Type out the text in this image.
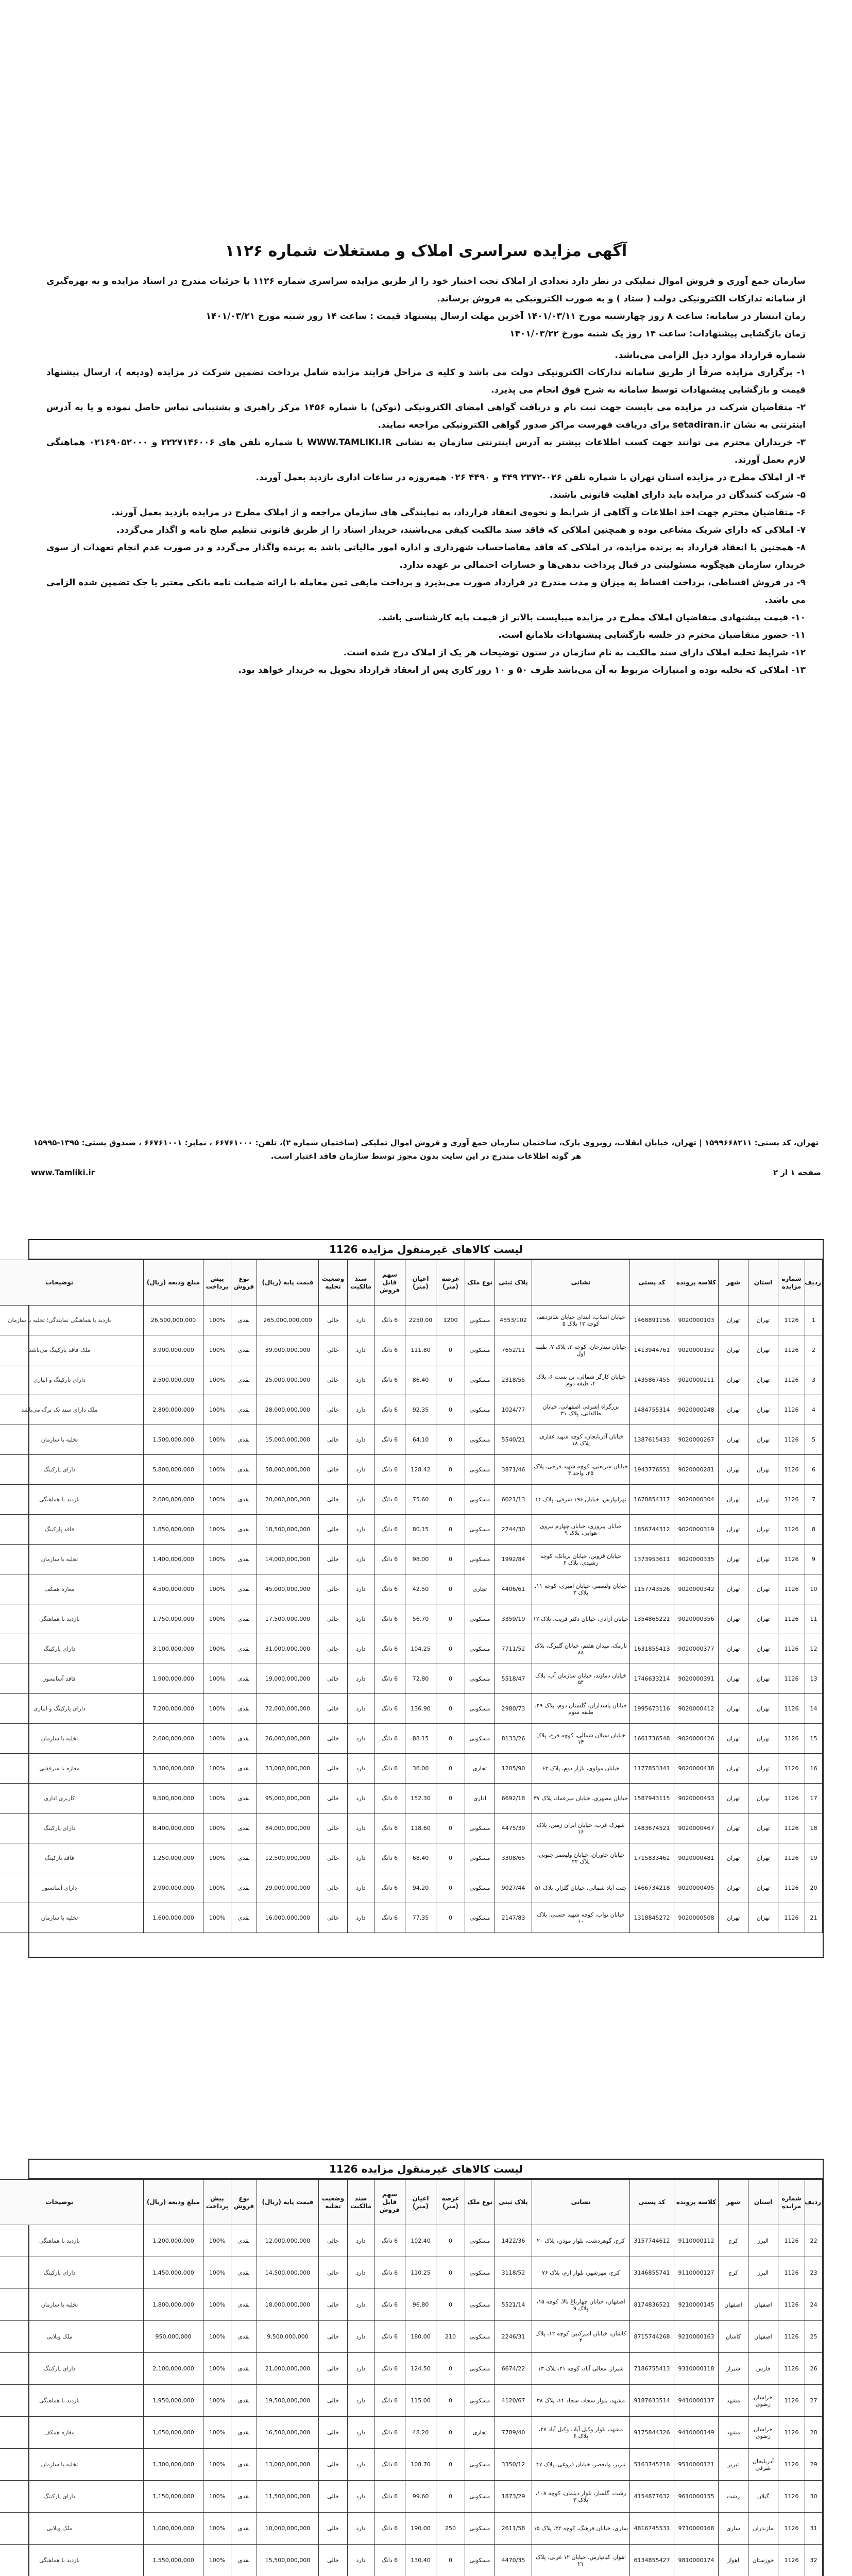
آگهی مزایده سراسری املاک و مستغلات شماره ۱۱۲۶

سازمان جمع آوری و فروش اموال تملیکی در نظر دارد تعدادی از املاک تحت اختیار خود را از طریق مزایده سراسری شماره ۱۱۲۶ با جزئیات مندرج در اسناد مزایده و به بهره‌گیری از سامانه تدارکات الکترونیکی دولت ( ستاد ) و به صورت الکترونیکی به فروش برساند.

زمان انتشار در سامانه: ساعت ۸ روز چهارشنبه مورخ ۱۴۰۱/۰۳/۱۱ آخرین مهلت ارسال پیشنهاد قیمت : ساعت ۱۴ روز شنبه مورخ ۱۴۰۱/۰۳/۲۱

زمان بازگشایی پیشنهادات: ساعت ۱۴ روز یک شنبه مورخ ۱۴۰۱/۰۳/۲۲

شماره قرارداد موارد ذیل الزامی می‌باشد.
۱- برگزاری مزایده صرفاً از طریق سامانه تدارکات الکترونیکی دولت می باشد و کلیه ی مراحل فرایند مزایده شامل پرداخت تضمین شرکت در مزایده (ودیعه )، ارسال پیشنهاد قیمت و بازگشایی پیشنهادات توسط سامانه به شرح فوق انجام می پذیرد.
۲- متقاضیان شرکت در مزایده می بایست جهت ثبت نام و دریافت گواهی امضای الکترونیکی (توکن) با شماره ۱۴۵۶ مرکز راهبری و پشتیبانی تماس حاصل نموده و یا به آدرس اینترنتی به نشان setadiran.ir برای دریافت فهرست مراکز صدور گواهی الکترونیکی مراجعه نمایند.
۳- خریداران محترم می توانند جهت کسب اطلاعات بیشتر به آدرس اینترنتی سازمان به نشانی WWW.TAMLIKI.IR یا شماره تلفن های ۲۲۲۷۱۴۶۰۰۶ و ۰۲۱۶۹۰۵۲۰۰۰ هماهنگی لازم بعمل آورند.
۴- از املاک مطرح در مزایده استان تهران با شماره تلفن ۰۲۶-۲۳۷۲ ۴۴۹ و ۴۴۹۰ ۰۲۶ همه‌روزه در ساعات اداری بازدید بعمل آورند.
۵- شرکت کنندگان در مزایده باید دارای اهلیت قانونی باشند.
۶- متقاضیان محترم جهت اخذ اطلاعات و آگاهی از شرایط و نحوه‌ی انعقاد قرارداد، به نمایندگی های سازمان مراجعه و از املاک مطرح در مزایده بازدید بعمل آورند.
۷- املاکی که دارای شریک مشاعی بوده و همچنین املاکی که فاقد سند مالکیت کیفی می‌باشند، خریدار اسناد را از طریق قانونی تنظیم صلح نامه و اگذار می‌گردد.
۸- همچنین با انعقاد قرارداد به برنده مزایده، در املاکی که فاقد مفاصاحساب شهرداری و اداره امور مالیاتی باشد به برنده واگذار می‌گردد و در صورت عدم انجام تعهدات از سوی خریدار، سازمان هیچگونه مسئولیتی در قبال پرداخت بدهی‌ها و خسارات احتمالی بر عهده ندارد.
۹- در فروش اقساطی، پرداخت اقساط به میزان و مدت مندرج در قرارداد صورت می‌پذیرد و پرداخت مابقی ثمن معامله با ارائه ضمانت نامه بانکی معتبر یا چک تضمین شده الزامی می باشد.
۱۰- قیمت پیشنهادی متقاضیان املاک مطرح در مزایده میبایست بالاتر از قیمت پایه کارشناسی باشد.
۱۱- حضور متقاضیان محترم در جلسه بازگشایی پیشنهادات بلامانع است.
۱۲- شرایط تخلیه املاک دارای سند مالکیت به نام سازمان در ستون توضیحات هر یک از املاک درج شده است.
۱۳- املاکی که تخلیه بوده و امتیازات مربوط به آن می‌باشد ظرف ۵۰ و ۱۰ روز کاری پس از انعقاد قرارداد تحویل به خریدار خواهد بود.
تهران، کد پستی: ۱۵۹۹۶۶۸۲۱۱ | تهران، خیابان انقلاب، روبروی پارک، ساختمان سازمان جمع آوری و فروش اموال تملیکی (ساختمان شماره ۲)، تلفن: ۶۶۷۶۱۰۰۰ ، نمابر: ۶۶۷۶۱۰۰۱ ، صندوق پستی: ۱۳۹۵-۱۵۹۹۵
هر گونه اطلاعات مندرج در این سایت بدون مجوز توسط سازمان فاقد اعتبار است.
صفحه ۱ از ۲
www.Tamliki.ir
لیست کالاهای غیرمنقول مزایده 1126
ردیف	شماره مزایده	استان	شهر	کلاسه پرونده	کد پستی	نشانی	پلاک ثبتی	نوع ملک	عرصه (متر)	اعیان (متر)	سهم قابل فروش	سند مالکیت	وضعیت تخلیه	قیمت پایه (ریال)	نوع فروش	پیش پرداخت	مبلغ ودیعه (ریال)	توضیحات
1	1126	تهران	تهران	9020000103	1468891156	خیابان انقلاب، ابتدای خیابان شانزدهم، کوچه ۱۲ پلاک ۵	4553/102	مسکونی	1200	2250.00	6 دانگ	دارد	خالی	265,000,000,000	نقدی	100%	26,500,000,000	بازدید با هماهنگی نمایندگی؛ تخلیه با سازمان
2	1126	تهران	تهران	9020000152	1413944761	خیابان ستارخان، کوچه ۲، پلاک ۷، طبقه اول	7652/11	مسکونی	0	111.80	6 دانگ	دارد	خالی	39,000,000,000	نقدی	100%	3,900,000,000	ملک فاقد پارکینگ می‌باشد
3	1126	تهران	تهران	9020000211	1435867455	خیابان کارگر شمالی، بن بست ۶، پلاک ۴، طبقه دوم	2318/55	مسکونی	0	86.40	6 دانگ	دارد	خالی	25,000,000,000	نقدی	100%	2,500,000,000	دارای پارکینگ و انباری
4	1126	تهران	تهران	9020000248	1484755314	بزرگراه اشرفی اصفهانی، خیابان طالقانی، پلاک ۳۱	1024/77	مسکونی	0	92.35	6 دانگ	دارد	خالی	28,000,000,000	نقدی	100%	2,800,000,000	ملک دارای سند تک برگ می‌باشد
5	1126	تهران	تهران	9020000267	1387615433	خیابان آذربایجان، کوچه شهید غفاری، پلاک ۱۸	5540/21	مسکونی	0	64.10	6 دانگ	دارد	خالی	15,000,000,000	نقدی	100%	1,500,000,000	تخلیه با سازمان
6	1126	تهران	تهران	9020000281	1943776551	خیابان شریعتی، کوچه شهید فرجی، پلاک ۲۵، واحد ۳	3871/46	مسکونی	0	128.42	6 دانگ	دارد	خالی	58,000,000,000	نقدی	100%	5,800,000,000	دارای پارکینگ
7	1126	تهران	تهران	9020000304	1678854317	تهرانپارس، خیابان ۱۹۶ شرقی، پلاک ۴۴	6021/13	مسکونی	0	75.60	6 دانگ	دارد	خالی	20,000,000,000	نقدی	100%	2,000,000,000	بازدید با هماهنگی
8	1126	تهران	تهران	9020000319	1856744312	خیابان پیروزی، خیابان چهارم نیروی هوایی، پلاک ۹	2744/30	مسکونی	0	80.15	6 دانگ	دارد	خالی	18,500,000,000	نقدی	100%	1,850,000,000	فاقد پارکینگ
9	1126	تهران	تهران	9020000335	1373953611	خیابان قزوین، خیابان بریانک، کوچه رشیدی، پلاک ۶	1992/84	مسکونی	0	98.00	6 دانگ	دارد	خالی	14,000,000,000	نقدی	100%	1,400,000,000	تخلیه با سازمان
10	1126	تهران	تهران	9020000342	1157743526	خیابان ولیعصر، خیابان امیری، کوچه ۱۱، پلاک ۳	4406/61	تجاری	0	42.50	6 دانگ	دارد	خالی	45,000,000,000	نقدی	100%	4,500,000,000	مغازه همکف
11	1126	تهران	تهران	9020000356	1354865221	خیابان آزادی، خیابان دکتر قریب، پلاک ۱۲	3359/19	مسکونی	0	56.70	6 دانگ	دارد	خالی	17,500,000,000	نقدی	100%	1,750,000,000	بازدید با هماهنگی
12	1126	تهران	تهران	9020000377	1631855413	نارمک، میدان هفتم، خیابان گلبرگ، پلاک ۸۸	7711/52	مسکونی	0	104.25	6 دانگ	دارد	خالی	31,000,000,000	نقدی	100%	3,100,000,000	دارای پارکینگ
13	1126	تهران	تهران	9020000391	1746633214	خیابان دماوند، خیابان سازمان آب، پلاک ۵۴	5518/47	مسکونی	0	72.80	6 دانگ	دارد	خالی	19,000,000,000	نقدی	100%	1,900,000,000	فاقد آسانسور
14	1126	تهران	تهران	9020000412	1995673116	خیابان پاسداران، گلستان دوم، پلاک ۲۹، طبقه سوم	2980/73	مسکونی	0	136.90	6 دانگ	دارد	خالی	72,000,000,000	نقدی	100%	7,200,000,000	دارای پارکینگ و انباری
15	1126	تهران	تهران	9020000426	1661736548	خیابان سبلان شمالی، کوچه فرخ، پلاک ۱۴	8133/26	مسکونی	0	88.15	6 دانگ	دارد	خالی	26,000,000,000	نقدی	100%	2,600,000,000	تخلیه با سازمان
16	1126	تهران	تهران	9020000438	1177853341	خیابان مولوی، بازار دوم، پلاک ۶۲	1205/90	تجاری	0	36.00	6 دانگ	دارد	خالی	33,000,000,000	نقدی	100%	3,300,000,000	مغازه با سرقفلی
17	1126	تهران	تهران	9020000453	1587943115	خیابان مطهری، خیابان میرعماد، پلاک ۳۷	6692/18	اداری	0	152.30	6 دانگ	دارد	خالی	95,000,000,000	نقدی	100%	9,500,000,000	کاربری اداری
18	1126	تهران	تهران	9020000467	1483674521	شهرک غرب، خیابان ایران زمین، پلاک ۱۶	4475/39	مسکونی	0	118.60	6 دانگ	دارد	خالی	84,000,000,000	نقدی	100%	8,400,000,000	دارای پارکینگ
19	1126	تهران	تهران	9020000481	1715833462	خیابان خاوران، خیابان ولیعصر جنوبی، پلاک ۲۲	3308/65	مسکونی	0	68.40	6 دانگ	دارد	خالی	12,500,000,000	نقدی	100%	1,250,000,000	فاقد پارکینگ
20	1126	تهران	تهران	9020000495	1466734218	جنت آباد شمالی، خیابان گلزار، پلاک ۵۱	9027/44	مسکونی	0	94.20	6 دانگ	دارد	خالی	29,000,000,000	نقدی	100%	2,900,000,000	دارای آسانسور
21	1126	تهران	تهران	9020000508	1318845272	خیابان نواب، کوچه شهید حسنی، پلاک ۱۰	2147/83	مسکونی	0	77.35	6 دانگ	دارد	خالی	16,000,000,000	نقدی	100%	1,600,000,000	تخلیه با سازمان
لیست کالاهای غیرمنقول مزایده 1126
ردیف	شماره مزایده	استان	شهر	کلاسه پرونده	کد پستی	نشانی	پلاک ثبتی	نوع ملک	عرصه (متر)	اعیان (متر)	سهم قابل فروش	سند مالکیت	وضعیت تخلیه	قیمت پایه (ریال)	نوع فروش	پیش پرداخت	مبلغ ودیعه (ریال)	توضیحات
22	1126	البرز	کرج	9110000112	3157744612	کرج، گوهردشت، بلوار موذن، پلاک ۲۰	1422/36	مسکونی	0	102.40	6 دانگ	دارد	خالی	12,000,000,000	نقدی	100%	1,200,000,000	بازدید با هماهنگی
23	1126	البرز	کرج	9110000127	3146855741	کرج، مهرشهر، بلوار ارم، پلاک ۷۶	3118/52	مسکونی	0	110.25	6 دانگ	دارد	خالی	14,500,000,000	نقدی	100%	1,450,000,000	دارای پارکینگ
24	1126	اصفهان	اصفهان	9210000145	8174836521	اصفهان، خیابان چهارباغ بالا، کوچه ۱۵، پلاک ۹	5521/14	مسکونی	0	96.80	6 دانگ	دارد	خالی	18,000,000,000	نقدی	100%	1,800,000,000	تخلیه با سازمان
25	1126	اصفهان	کاشان	9210000163	8715744268	کاشان، خیابان امیرکبیر، کوچه ۱۲، پلاک ۴	2246/31	مسکونی	210	180.00	6 دانگ	دارد	خالی	9,500,000,000	نقدی	100%	950,000,000	ملک ویلایی
26	1126	فارس	شیراز	9310000118	7186755413	شیراز، معالی آباد، کوچه ۲۱، پلاک ۱۳	6674/22	مسکونی	0	124.50	6 دانگ	دارد	خالی	21,000,000,000	نقدی	100%	2,100,000,000	دارای پارکینگ
27	1126	خراسان رضوی	مشهد	9410000137	9187633514	مشهد، بلوار سجاد، سجاد ۱۴، پلاک ۳۸	4120/67	مسکونی	0	115.00	6 دانگ	دارد	خالی	19,500,000,000	نقدی	100%	1,950,000,000	بازدید با هماهنگی
28	1126	خراسان رضوی	مشهد	9410000149	9175844326	مشهد، بلوار وکیل آباد، وکیل آباد ۲۷، پلاک ۶	7789/40	تجاری	0	48.20	6 دانگ	دارد	خالی	16,500,000,000	نقدی	100%	1,650,000,000	مغازه همکف
29	1126	آذربایجان شرقی	تبریز	9510000121	5163745218	تبریز، ولیعصر، خیابان فروغی، پلاک ۴۷	3350/12	مسکونی	0	108.70	6 دانگ	دارد	خالی	13,000,000,000	نقدی	100%	1,300,000,000	تخلیه با سازمان
30	1126	گیلان	رشت	9610000155	4154877632	رشت، گلسار، بلوار دیلمان، کوچه ۱۰۸، پلاک ۳	1873/29	مسکونی	0	99.60	6 دانگ	دارد	خالی	11,500,000,000	نقدی	100%	1,150,000,000	دارای پارکینگ
31	1126	مازندران	ساری	9710000168	4816745531	ساری، خیابان فرهنگ، کوچه ۳۲، پلاک ۱۵	2611/58	مسکونی	250	190.00	6 دانگ	دارد	خالی	10,000,000,000	نقدی	100%	1,000,000,000	ملک ویلایی
32	1126	خوزستان	اهواز	9810000174	6134855427	اهواز، کیانپارس، خیابان ۱۲ غربی، پلاک ۲۱	4470/35	مسکونی	0	130.40	6 دانگ	دارد	خالی	15,500,000,000	نقدی	100%	1,550,000,000	بازدید با هماهنگی
